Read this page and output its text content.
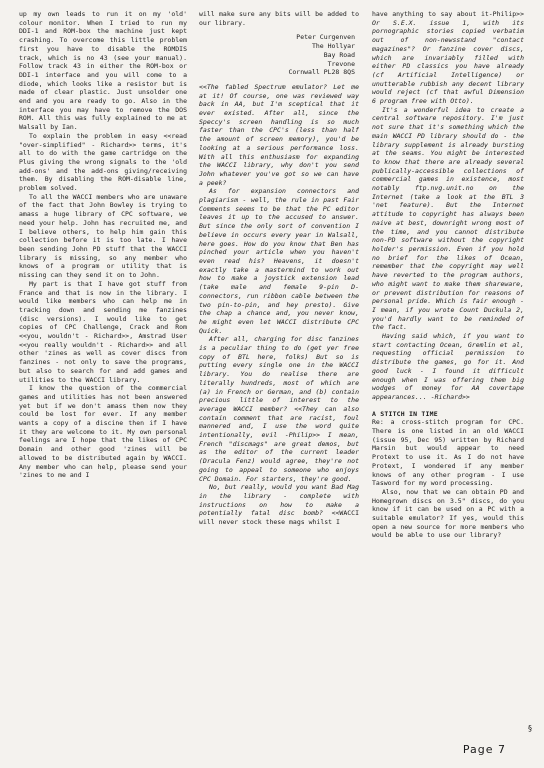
up my own leads to run it on my 'old' colour monitor. When I tried to run my DDI-1 and ROM-box the machine just kept crashing. To overcome this little problem first you have to disable the ROMDIS track, which is no 43 (see your manual). Follow track 43 in either the ROM-box or DDI-1 interface and you will come to a diode, which looks like a resistor but is made of clear plastic. Just unsolder one end and you are ready to go. Also in the interface you may have to remove the DOS ROM. All this was fully explained to me at Walsall by Ian.

To explain the problem in easy <<read "over-simplified" - Richard>> terms, it's all to do with the game cartridge on the Plus giving the wrong signals to the 'old add-ons' and the add-ons giving/receiving them. By disabling the ROM-disable line, problem solved.

To all the WACCI members who are unaware of the fact that John Bowley is trying to amass a huge library of CPC software, we need your help. John has recruited me, and I believe others, to help him gain this collection before it is too late. I have been sending John PD stuff that the WACCI library is missing, so any member who knows of a program or utility that is missing can they send it on to John.

My part is that I have got stuff from France and that is now in the library. I would like members who can help me in tracking down and sending me fanzines (disc versions). I would like to get copies of CPC Challenge, Crack and Rom <<you, wouldn't - Richard>>, Amstrad User <<you really wouldn't - Richard>> and all other 'zines as well as cover discs from fanzines - not only to save the programs, but also to search for and add games and utilities to the WACCI library.

I know the question of the commercial games and utilities has not been answered yet but if we don't amass them now they could be lost for ever. If any member wants a copy of a discine then if I have it they are welcome to it. My own personal feelings are I hope that the likes of CPC Domain and other good 'zines will be allowed to be distributed again by WACCI. Any member who can help, please send your 'zines to me and I

will make sure any bits will be added to our library.

Peter Curgenven
The Hollyar
Bay Road
Trevone
Cornwall PL28 8QS

<<The fabled Spectrum emulator? Let me at it! Of course, one was reviewed way back in AA, but I'm sceptical that it ever existed. After all, since the Speccy's screen handling is so much faster than the CPC's (less than half the amount of screen memory), you'd be looking at a serious performance loss. With all this enthusiasm for expanding the WACCI library, why don't you send John whatever you've got so we can have a peek?

As for expansion connectors and plagiarism - well, the rule in past Fair Comments seems to be that the PC editor leaves it up to the accused to answer. But since the only sort of convention I believe in occurs every year in Walsall, here goes. How do you know that Ben has pinched your article when you haven't even read his? Heavens, it doesn't exactly take a mastermind to work out how to make a joystick extension lead (take male and female 9-pin D-connectors, run ribbon cable between the two pin-to-pin, and hey presto). Give the chap a chance and, you never know, he might even let WACCI distribute CPC Quick.

After all, charging for disc fanzines is a peculiar thing to do (get yer free copy of BTL here, folks) But so is putting every single one in the WACCI library. You do realise there are literally hundreds, most of which are (a) in French or German, and (b) contain precious little of interest to the average WACCI member? <<They can also contain comment that are racist, foul mannered and, I use the word quite intentionally, evil -Philip>> I mean, French "discmags" are great demos, but as the editor of the current leader (Dracula Fenz) would agree, they're not going to appeal to someone who enjoys CPC Domain. For starters, they're good.

No, but really, would you want Bad Mag in the library - complete with instructions on how to make a potentially fatal disc bomb? <<WACCI will never stock these mags whilst I

have anything to say about it-Philip>> Or S.E.X. issue 1, with its pornographic stories copied verbatim out of non-newsstand "contact magazines"? Or fanzine cover discs, which are invariably filled with either PD classics you have already (cf Artificial Intelligence) or unutterable rubbish any decent library would reject (cf that awful Dimension 6 program free with Otto).

It's a wonderful idea to create a central software repository. I'm just not sure that it's something which the main WACCI PD library should do - the library supplement is already bursting at the seams. You might be interested to know that there are already several publically-accessible collections of commercial games in existence, most notably ftp.nvg.unit.no on the Internet (take a look at the BTL 3 'net feature). But the Internet attitude to copyright has always been naive at best, downright wrong most of the time, and you cannot distribute non-PD software without the copyright holder's permission. Even if you hold no brief for the likes of Ocean, remember that the copyright may well have reverted to the program authors, who might want to make them shareware, or prevent distribution for reasons of personal pride. Which is fair enough - I mean, if you wrote Count Duckula 2, you'd hardly want to be reminded of the fact.

Having said which, if you want to start contacting Ocean, Gremlin et al, requesting official permission to distribute the games, go for it. And good luck - I found it difficult enough when I was offering them big wodges of money for AA covertape appearances... -Richard>>

A STITCH IN TIME

Re: a cross-stitch program for CPC. There is one listed in an old WACCI (issue 95, Dec 95) written by Richard Marsin but would appear to need Protext to use it. As I do not have Protext, I wondered if any member knows of any other program - I use Tasword for my word processing.

Also, now that we can obtain PD and Homegrown discs on 3.5" discs, do you know if it can be used on a PC with a suitable emulator? If yes, would this open a new source for more members who would be able to use our library?

Page 7
§
